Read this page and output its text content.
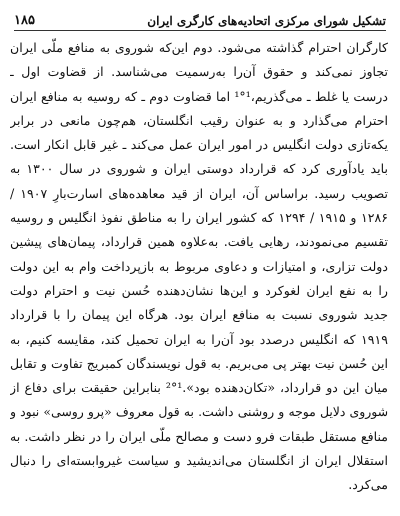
تشکیل شورای مرکزی اتحادیه‌های کارگری ایران
۱۸۵
کارگران احترام گذاشته می‌شود. دوم این‌که شوروی به منافع ملّی ایران
تجاوز نمی‌کند و حقوق آن‌را به‌رسمیت می‌شناسد. از قضاوت اول ـ
درست یا غلط ـ می‌گذریم،¹°¹ اما قضاوت دوم ـ که روسیه به منافع ایران
احترام می‌گذارد و به عنوان رقیب انگلستان، هم‌چون مانعی در برابر
یکه‌تازی دولت انگلیس در امور ایران عمل می‌کند ـ غیر قابل انکار است.
باید یادآوری کرد که قرارداد دوستی ایران و شوروی در سال ۱۳۰۰ به
تصویب رسید. براساس آن، ایران از قید معاهده‌های اسارت‌بارِ ۱۹۰۷ /
۱۲۸۶ و ۱۹۱۵ / ۱۲۹۴ که کشور ایران را به مناطق نفوذ انگلیس و روسیه
تقسیم می‌نمودند، رهایی یافت. به‌علاوه همین قرارداد، پیمان‌های پیشین
دولت تزاری، و امتیازات و دعاوی مربوط به بازپرداخت وام به این دولت
را به نفع ایران لغوکرد و این‌ها نشان‌دهنده حُسن نیت و احترام دولت
جدید شوروی نسبت به منافع ایران بود. هرگاه این پیمان را با قرارداد
۱۹۱۹ که انگلیس درصدد بود آن‌را به ایران تحمیل کند، مقایسه کنیم، به
این حُسن نیت بهتر پی می‌بریم. به قول نویسندگان کمبریج تفاوت و تقابل
میان این دو قرارداد، «تکان‌دهنده بود».¹°² بنابراین حقیقت برای دفاع از
شوروی دلایل موجه و روشنی داشت. به قول معروف «پرو روسی» نبود و
منافع مستقل طبقات فرو دست و مصالح ملّی ایران را در نظر داشت. به
استقلال ایران از انگلستان می‌اندیشید و سیاست غیروابسته‌ای را دنبال
می‌کرد.
